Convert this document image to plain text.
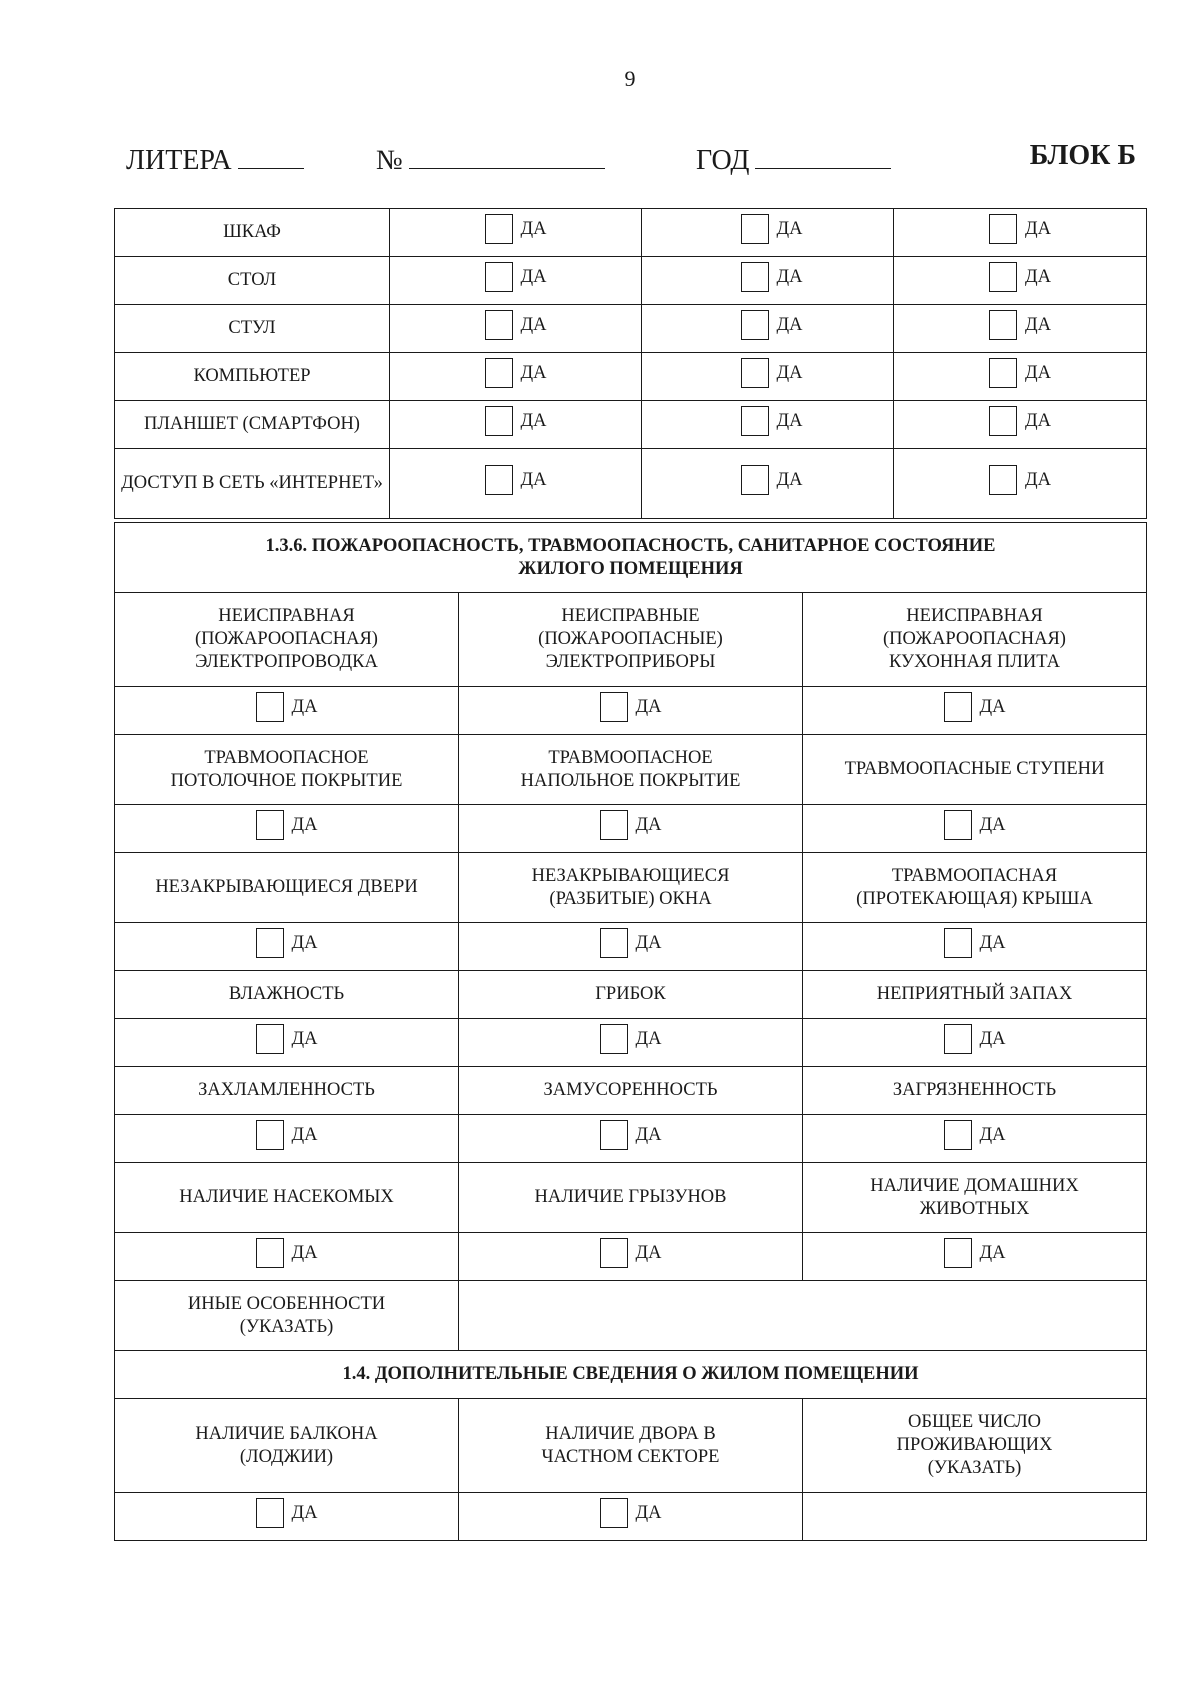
9
ЛИТЕРА	№	ГОД	БЛОК Б
ШКАФ	ДА	ДА	ДА

СТОЛ	ДА	ДА	ДА

СТУЛ	ДА	ДА	ДА

КОМПЬЮТЕР	ДА	ДА	ДА

ПЛАНШЕТ (СМАРТФОН)	ДА	ДА	ДА

ДОСТУП В СЕТЬ «ИНТЕРНЕТ»	ДА	ДА	ДА
1.3.6. ПОЖАРООПАСНОСТЬ, ТРАВМООПАСНОСТЬ, САНИТАРНОЕ СОСТОЯНИЕ ЖИЛОГО ПОМЕЩЕНИЯ		
НЕИСПРАВНАЯ (ПОЖАРООПАСНАЯ) ЭЛЕКТРОПРОВОДКА	НЕИСПРАВНЫЕ (ПОЖАРООПАСНЫЕ) ЭЛЕКТРОПРИБОРЫ	НЕИСПРАВНАЯ (ПОЖАРООПАСНАЯ) КУХОННАЯ ПЛИТА

ДА	ДА	ДА

ТРАВМООПАСНОЕ ПОТОЛОЧНОЕ ПОКРЫТИЕ	ТРАВМООПАСНОЕ НАПОЛЬНОЕ ПОКРЫТИЕ	ТРАВМООПАСНЫЕ СТУПЕНИ

ДА	ДА	ДА

НЕЗАКРЫВАЮЩИЕСЯ ДВЕРИ	НЕЗАКРЫВАЮЩИЕСЯ (РАЗБИТЫЕ) ОКНА	ТРАВМООПАСНАЯ (ПРОТЕКАЮЩАЯ) КРЫША

ДА	ДА	ДА

ВЛАЖНОСТЬ	ГРИБОК	НЕПРИЯТНЫЙ ЗАПАХ

ДА	ДА	ДА

ЗАХЛАМЛЕННОСТЬ	ЗАМУСОРЕННОСТЬ	ЗАГРЯЗНЕННОСТЬ

ДА	ДА	ДА

НАЛИЧИЕ НАСЕКОМЫХ	НАЛИЧИЕ ГРЫЗУНОВ	НАЛИЧИЕ ДОМАШНИХ ЖИВОТНЫХ

ДА	ДА	ДА

ИНЫЕ ОСОБЕННОСТИ (УКАЗАТЬ)		
1.4. ДОПОЛНИТЕЛЬНЫЕ СВЕДЕНИЯ О ЖИЛОМ ПОМЕЩЕНИИ		
НАЛИЧИЕ БАЛКОНА (ЛОДЖИИ)	НАЛИЧИЕ ДВОРА В ЧАСТНОМ СЕКТОРЕ	ОБЩЕЕ ЧИСЛО ПРОЖИВАЮЩИХ (УКАЗАТЬ)

ДА	ДА	
